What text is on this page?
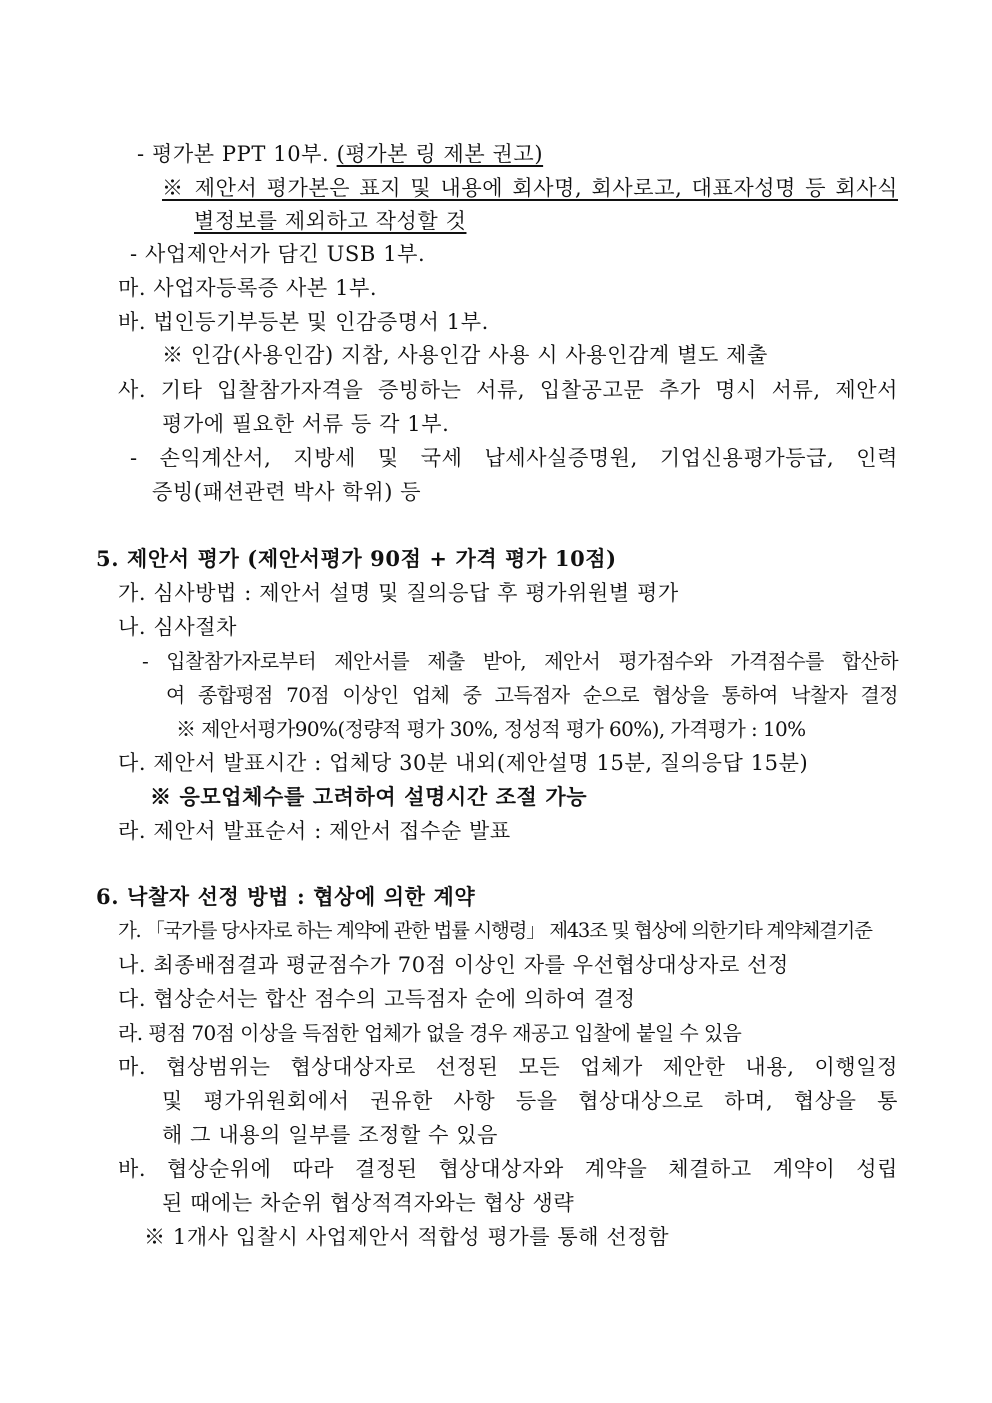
- 평가본 PPT 10부. (평가본 링 제본 권고)
※ 제안서 평가본은 표지 및 내용에 회사명, 회사로고, 대표자성명 등 회사식
별정보를 제외하고 작성할 것
- 사업제안서가 담긴 USB 1부.
마. 사업자등록증 사본 1부.
바. 법인등기부등본 및 인감증명서 1부.
※ 인감(사용인감) 지참, 사용인감 사용 시 사용인감계 별도 제출
사. 기타 입찰참가자격을 증빙하는 서류, 입찰공고문 추가 명시 서류, 제안서
평가에 필요한 서류 등 각 1부.
- 손익계산서, 지방세 및 국세 납세사실증명원, 기업신용평가등급, 인력
증빙(패션관련 박사 학위) 등
5. 제안서 평가 (제안서평가 90점 + 가격 평가 10점)
가. 심사방법 : 제안서 설명 및 질의응답 후 평가위원별 평가
나. 심사절차
- 입찰참가자로부터 제안서를 제출 받아, 제안서 평가점수와 가격점수를 합산하
여 종합평점 70점 이상인 업체 중 고득점자 순으로 협상을 통하여 낙찰자 결정
※ 제안서평가90%(정량적 평가 30%, 정성적 평가 60%), 가격평가 : 10%
다. 제안서 발표시간 : 업체당 30분 내외(제안설명 15분, 질의응답 15분)
※ 응모업체수를 고려하여 설명시간 조절 가능
라. 제안서 발표순서 : 제안서 접수순 발표
6. 낙찰자 선정 방법 : 협상에 의한 계약
가. 「국가를 당사자로 하는 계약에 관한 법률 시행령」 제43조 및 협상에 의한기타 계약체결기준
나. 최종배점결과 평균점수가 70점 이상인 자를 우선협상대상자로 선정
다. 협상순서는 합산 점수의 고득점자 순에 의하여 결정
라. 평점 70점 이상을 득점한 업체가 없을 경우 재공고 입찰에 붙일 수 있음
마. 협상범위는 협상대상자로 선정된 모든 업체가 제안한 내용, 이행일정
및 평가위원회에서 권유한 사항 등을 협상대상으로 하며, 협상을 통
해 그 내용의 일부를 조정할 수 있음
바. 협상순위에 따라 결정된 협상대상자와 계약을 체결하고 계약이 성립
된 때에는 차순위 협상적격자와는 협상 생략
※ 1개사 입찰시 사업제안서 적합성 평가를 통해 선정함
